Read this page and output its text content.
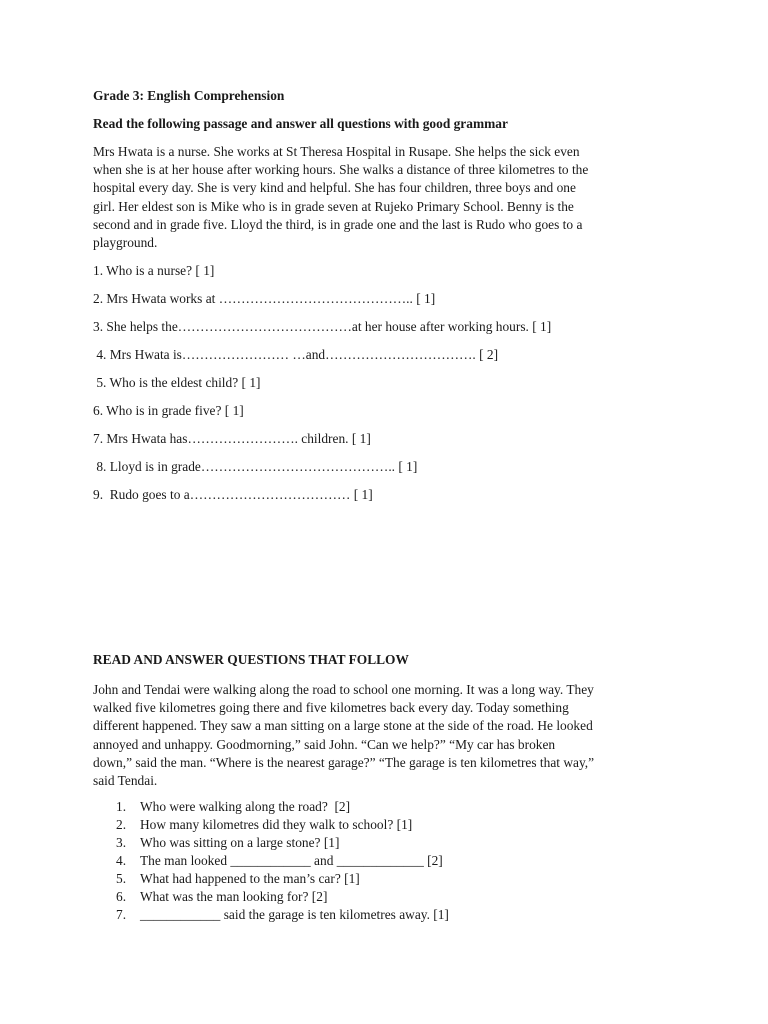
Grade 3: English Comprehension
Read the following passage and answer all questions with good grammar
Mrs Hwata is a nurse. She works at St Theresa Hospital in Rusape. She helps the sick even
when she is at her house after working hours. She walks a distance of three kilometres to the
hospital every day. She is very kind and helpful. She has four children, three boys and one
girl. Her eldest son is Mike who is in grade seven at Rujeko Primary School. Benny is the
second and in grade five. Lloyd the third, is in grade one and the last is Rudo who goes to a
playground.
1. Who is a nurse? [ 1]
2. Mrs Hwata works at …………………………………….. [ 1]
3. She helps the…………………………………at her house after working hours. [ 1]
4. Mrs Hwata is…………………… …and……………………………. [ 2]
5. Who is the eldest child? [ 1]
6. Who is in grade five? [ 1]
7. Mrs Hwata has……………………. children. [ 1]
8. Lloyd is in grade…………………………………….. [ 1]
9.  Rudo goes to a……………………………… [ 1]
READ AND ANSWER QUESTIONS THAT FOLLOW
John and Tendai were walking along the road to school one morning. It was a long way. They
walked five kilometres going there and five kilometres back every day. Today something
different happened. They saw a man sitting on a large stone at the side of the road. He looked
annoyed and unhappy. Goodmorning,” said John. “Can we help?” “My car has broken
down,” said the man. “Where is the nearest garage?” “The garage is ten kilometres that way,”
said Tendai.
1. Who were walking along the road?  [2]
2. How many kilometres did they walk to school? [1]
3. Who was sitting on a large stone? [1]
4. The man looked ____________ and _____________ [2]
5. What had happened to the man’s car? [1]
6. What was the man looking for? [2]
7. ____________ said the garage is ten kilometres away. [1]
